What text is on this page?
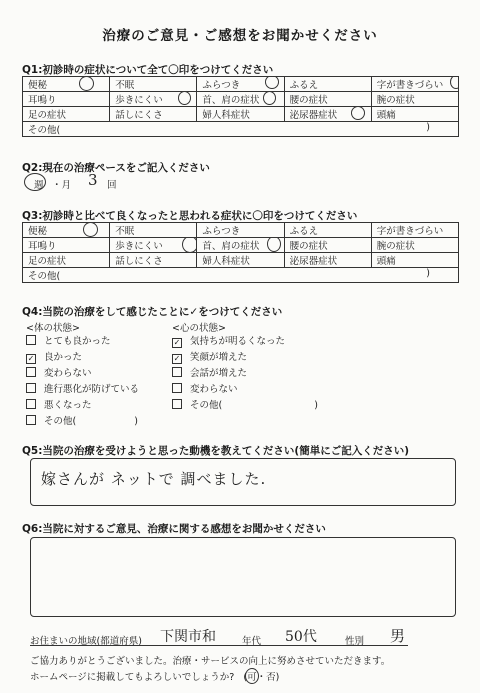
治療のご意見・ご感想をお聞かせください
Q1:初診時の症状について全て〇印をつけてください
便秘	不眠	ふらつき	ふるえ	字が書きづらい

耳鳴り	歩きにくい	首、肩の症状	腰の症状	腕の症状
足の症状	話しにくさ	婦人科症状	泌尿器症状	頭痛
その他( )				
Q2:現在の治療ペースをご記入ください
週 ・月 3 回
Q3:初診時と比べて良くなったと思われる症状に〇印をつけてください
便秘	不眠	ふらつき	ふるえ	字が書きづらい
耳鳴り	歩きにくい	首、肩の症状	腰の症状	腕の症状
足の症状	話しにくさ	婦人科症状	泌尿器症状	頭痛
その他( )				
Q4:当院の治療をして感じたことに✓をつけてください
<体の状態>	<心の状態>
とても良かった
✓ 良かった
変わらない
進行悪化が防げている
悪くなった
その他(	)
✓ 気持ちが明るくなった
✓ 笑顔が増えた
会話が増えた
変わらない
その他(	)
Q5:当院の治療を受けようと思った動機を教えてください(簡単にご記入ください)
嫁さんが ネットで 調べました.
Q6:当院に対するご意見、治療に関する感想をお聞かせください
お住まいの地域(都道府県) 下関市和	年代 50代	性別 男
ご協力ありがとうございました。治療・サービスの向上に努めさせていただきます。
ホームページに掲載してもよろしいでしょうか? (可
・否)
